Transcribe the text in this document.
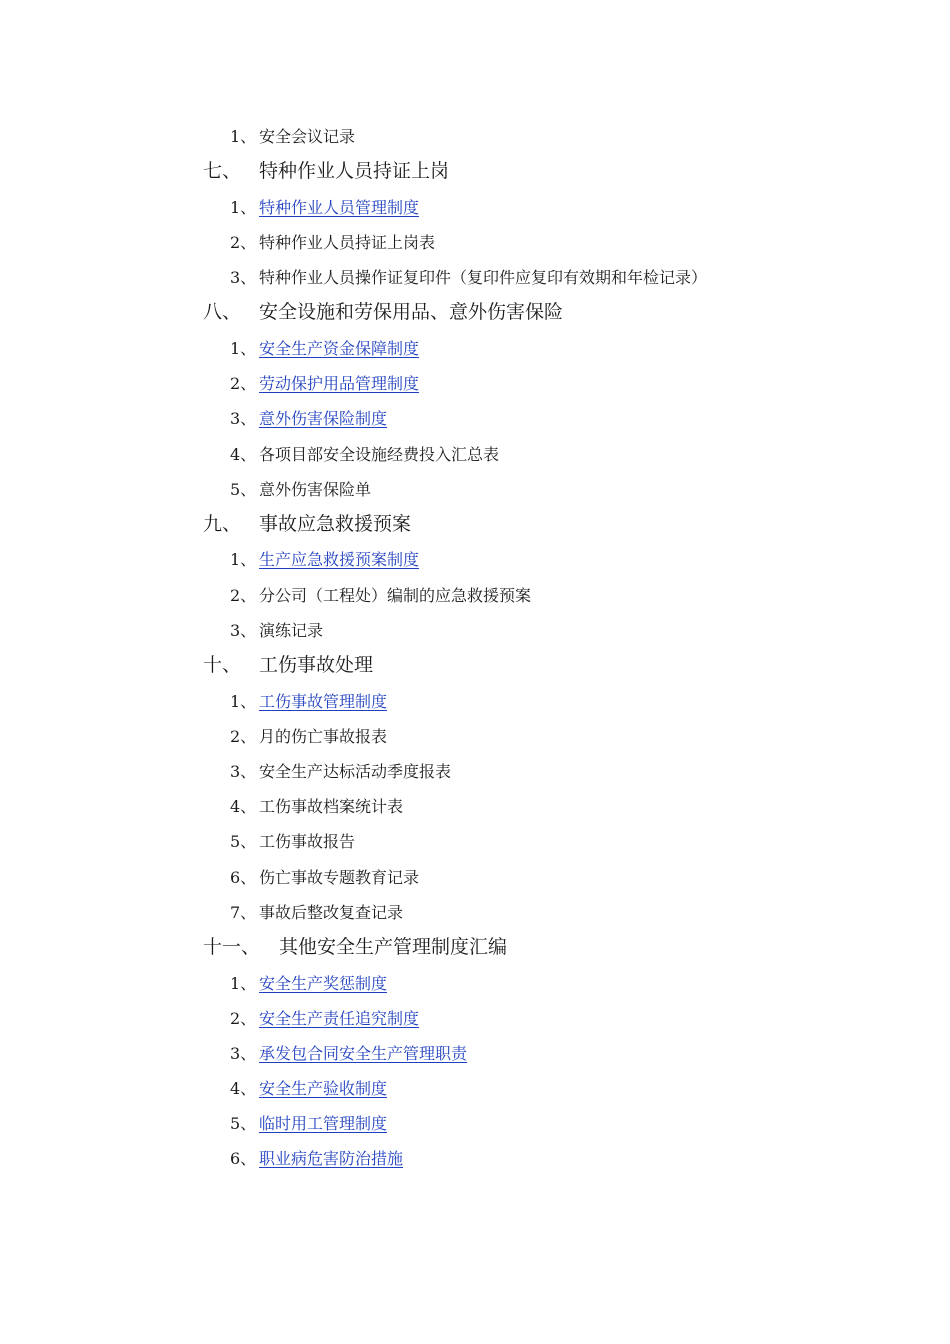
1、 安全会议记录
七、 特种作业人员持证上岗
1、 特种作业人员管理制度
2、 特种作业人员持证上岗表
3、 特种作业人员操作证复印件（复印件应复印有效期和年检记录）
八、 安全设施和劳保用品、意外伤害保险
1、 安全生产资金保障制度
2、 劳动保护用品管理制度
3、 意外伤害保险制度
4、 各项目部安全设施经费投入汇总表
5、 意外伤害保险单
九、 事故应急救援预案
1、 生产应急救援预案制度
2、 分公司（工程处）编制的应急救援预案
3、 演练记录
十、 工伤事故处理
1、 工伤事故管理制度
2、 月的伤亡事故报表
3、 安全生产达标活动季度报表
4、 工伤事故档案统计表
5、 工伤事故报告
6、 伤亡事故专题教育记录
7、 事故后整改复查记录
十一、 其他安全生产管理制度汇编
1、 安全生产奖惩制度
2、 安全生产责任追究制度
3、 承发包合同安全生产管理职责
4、 安全生产验收制度
5、 临时用工管理制度
6、 职业病危害防治措施
